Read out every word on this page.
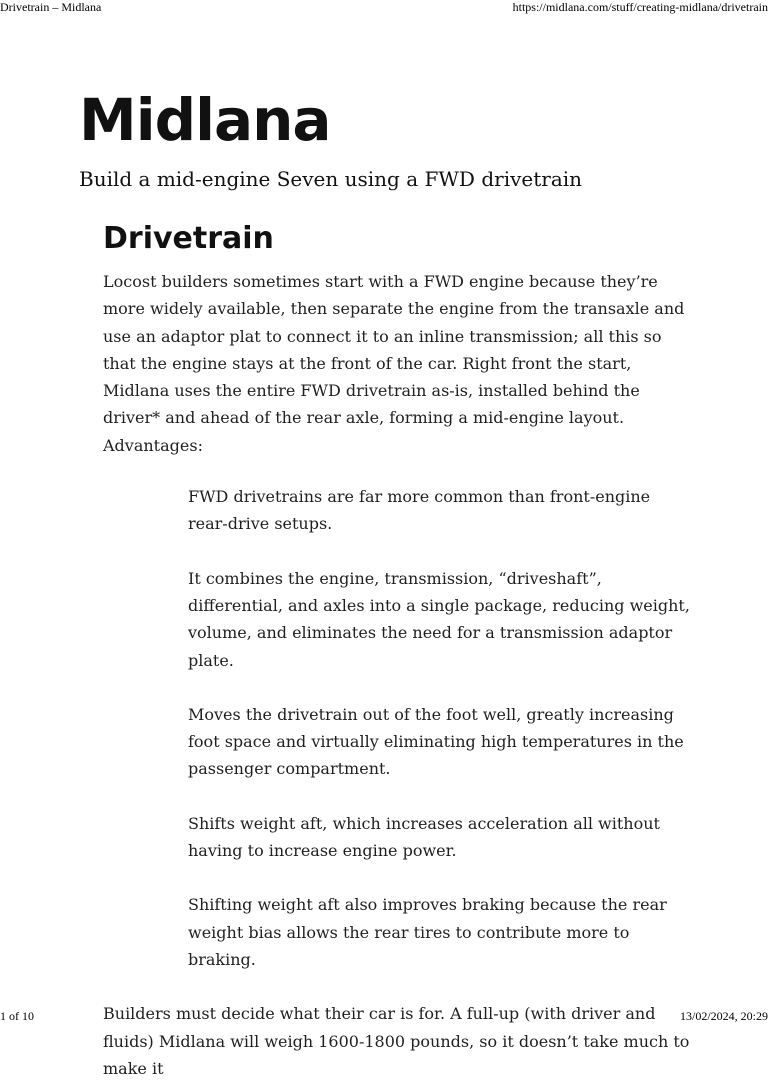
Drivetrain – Midlana	https://midlana.com/stuff/creating-midlana/drivetrain
Midlana

Build a mid-engine Seven using a FWD drivetrain

Drivetrain

Locost builders sometimes start with a FWD engine because they’re more widely available, then separate the engine from the transaxle and use an adaptor plat to connect it to an inline transmission; all this so that the engine stays at the front of the car. Right front the start, Midlana uses the entire FWD drivetrain as-is, installed behind the driver* and ahead of the rear axle, forming a mid-engine layout. Advantages:

FWD drivetrains are far more common than front-engine rear-drive setups.
It combines the engine, transmission, “driveshaft”, differential, and axles into a single package, reducing weight, volume, and eliminates the need for a transmission adaptor plate.
Moves the drivetrain out of the foot well, greatly increasing foot space and virtually eliminating high temperatures in the passenger compartment.
Shifts weight aft, which increases acceleration all without having to increase engine power.
Shifting weight aft also improves braking because the rear weight bias allows the rear tires to contribute more to braking.

Builders must decide what their car is for. A full-up (with driver and fluids) Midlana will weigh 1600-1800 pounds, so it doesn’t take much to make it

1 of 10	13/02/2024, 20:29
